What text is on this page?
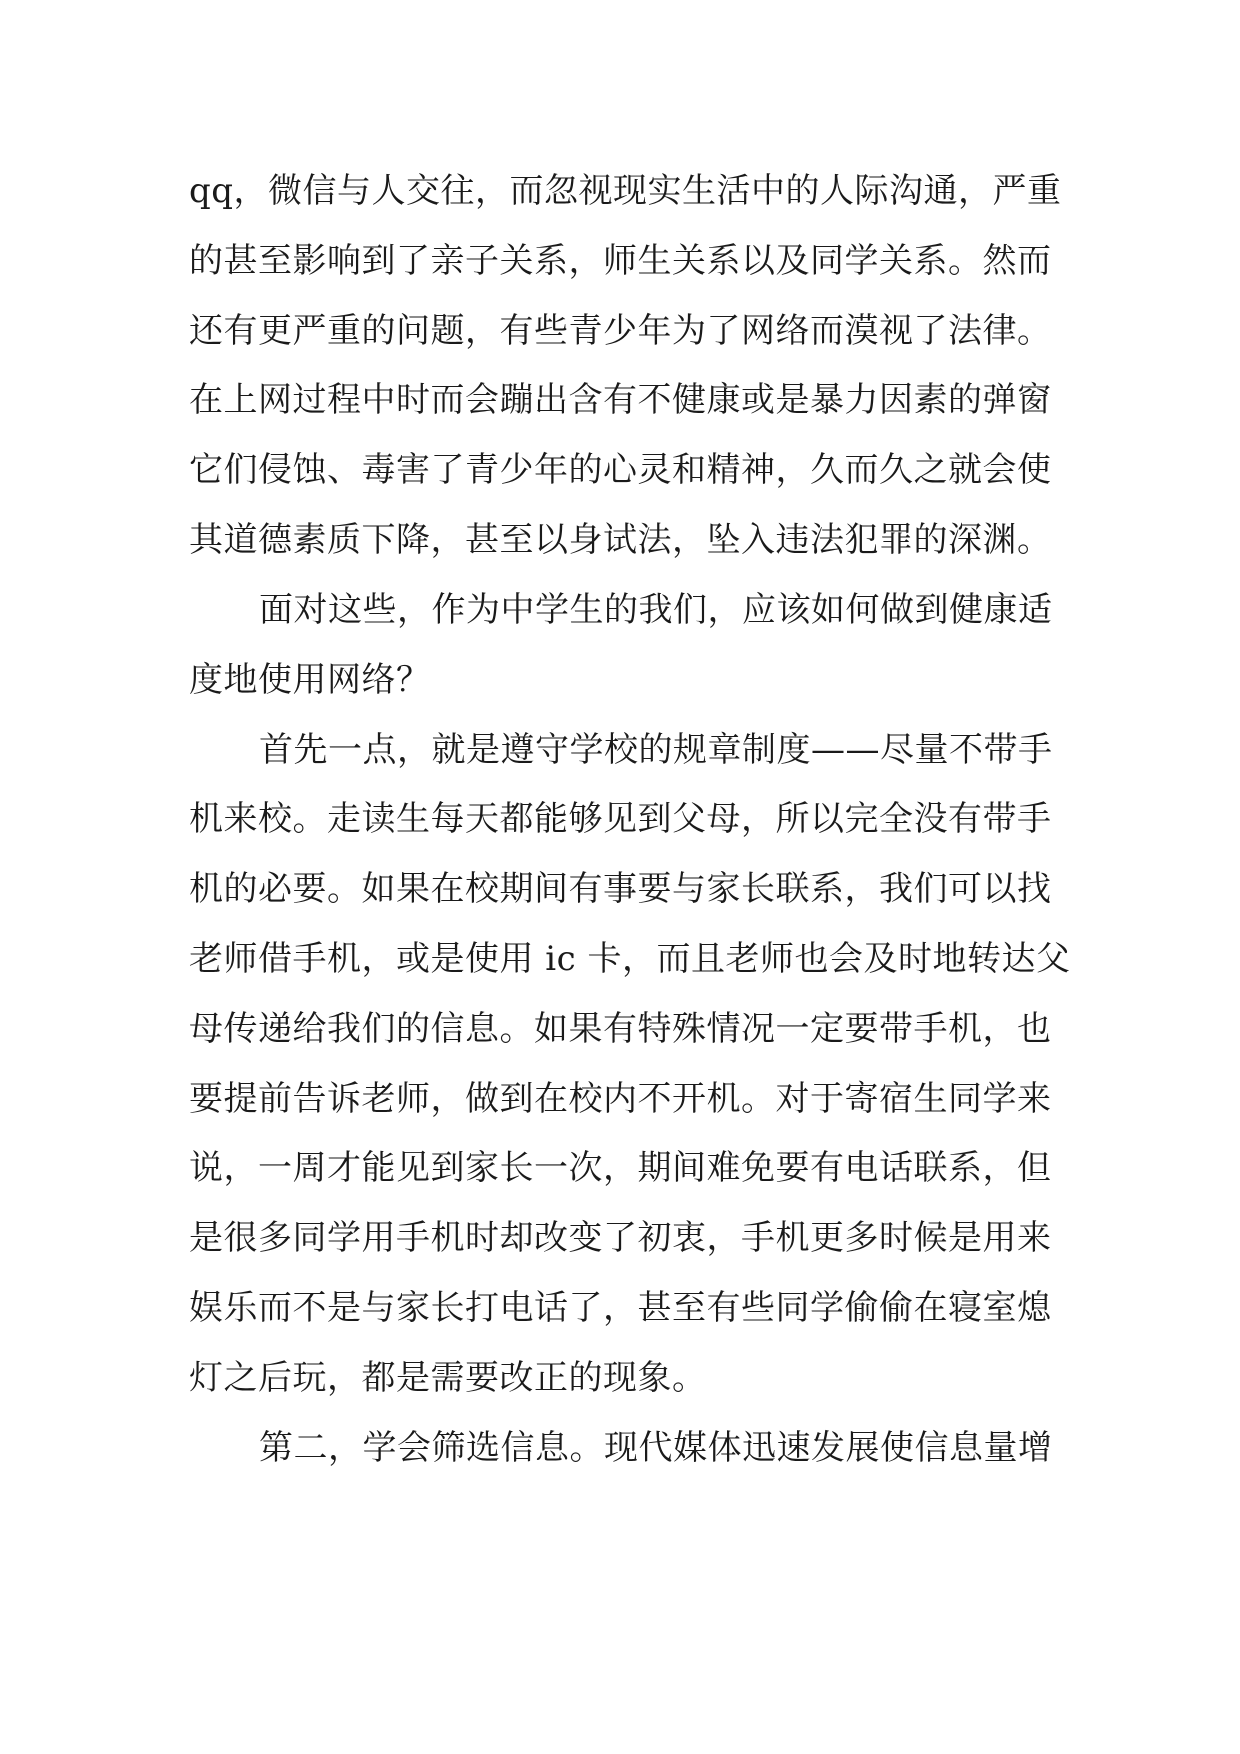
qq，微信与人交往，而忽视现实生活中的人际沟通，严重
的甚至影响到了亲子关系，师生关系以及同学关系。然而
还有更严重的问题，有些青少年为了网络而漠视了法律。
在上网过程中时而会蹦出含有不健康或是暴力因素的弹窗
它们侵蚀、毒害了青少年的心灵和精神，久而久之就会使
其道德素质下降，甚至以身试法，坠入违法犯罪的深渊。
面对这些，作为中学生的我们，应该如何做到健康适
度地使用网络？
首先一点，就是遵守学校的规章制度——尽量不带手
机来校。走读生每天都能够见到父母，所以完全没有带手
机的必要。如果在校期间有事要与家长联系，我们可以找
老师借手机，或是使用 ic 卡，而且老师也会及时地转达父
母传递给我们的信息。如果有特殊情况一定要带手机，也
要提前告诉老师，做到在校内不开机。对于寄宿生同学来
说，一周才能见到家长一次，期间难免要有电话联系，但
是很多同学用手机时却改变了初衷，手机更多时候是用来
娱乐而不是与家长打电话了，甚至有些同学偷偷在寝室熄
灯之后玩，都是需要改正的现象。
第二，学会筛选信息。现代媒体迅速发展使信息量增
